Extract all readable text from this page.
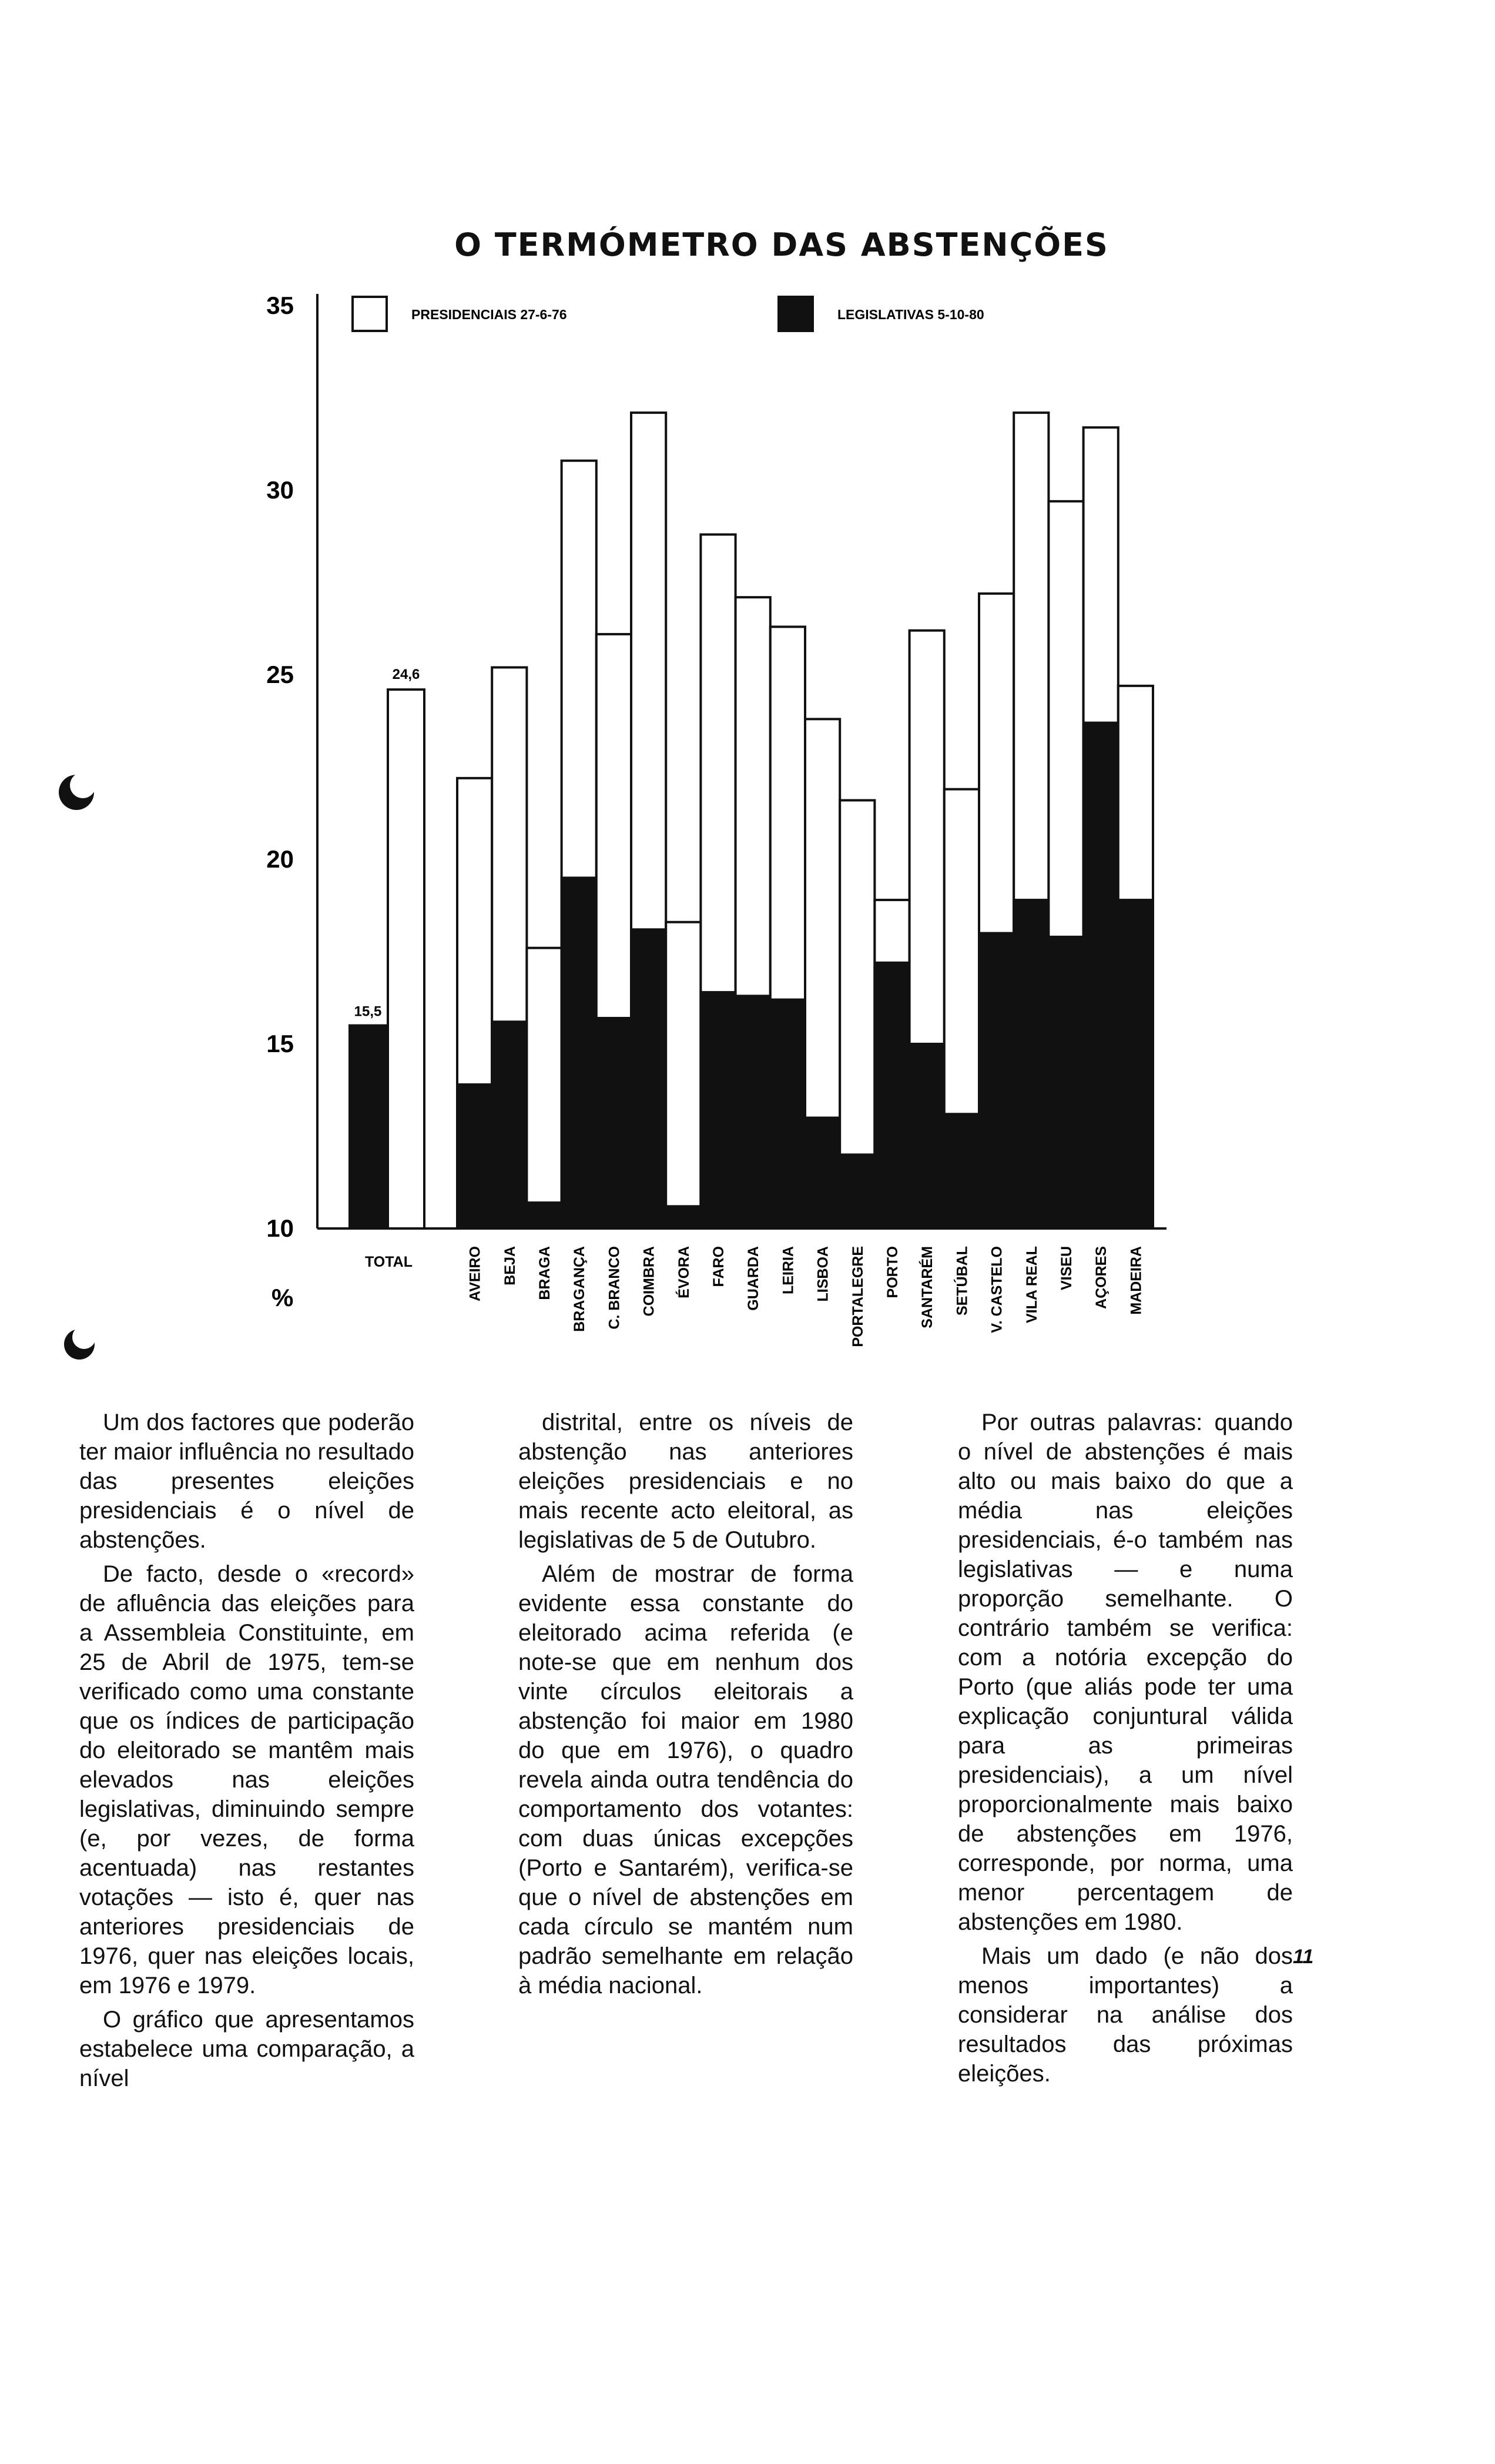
O TERMÓMETRO DAS ABSTENÇÕES
10
15
20
25
30
35
%
24,6
15,5
TOTAL	AVEIRO BEJA BRAGA BRAGANÇA C. BRANCO COIMBRA ÉVORA FARO GUARDA LEIRIA LISBOA PORTALEGRE PORTO SANTARÉM SETÚBAL V. CASTELO VILA REAL VISEU AÇORES MADEIRA
PRESIDENCIAIS 27-6-76	LEGISLATIVAS 5-10-80

Um dos factores que poderão ter maior influência no resultado das presentes eleições presidenciais é o nível de abstenções.

De facto, desde o «record» de afluência das eleições para a Assembleia Constituinte, em 25 de Abril de 1975, tem-se verificado como uma constante que os índices de participação do eleitorado se mantêm mais elevados nas eleições legislativas, diminuindo sempre (e, por vezes, de forma acentuada) nas restantes votações — isto é, quer nas anteriores presidenciais de 1976, quer nas eleições locais, em 1976 e 1979.

O gráfico que apresentamos estabelece uma comparação, a nível

distrital, entre os níveis de abstenção nas anteriores eleições presidenciais e no mais recente acto eleitoral, as legislativas de 5 de Outubro.

Além de mostrar de forma evidente essa constante do eleitorado acima referida (e note-se que em nenhum dos vinte círculos eleitorais a abstenção foi maior em 1980 do que em 1976), o quadro revela ainda outra tendência do comportamento dos votantes: com duas únicas excepções (Porto e Santarém), verifica-se que o nível de abstenções em cada círculo se mantém num padrão semelhante em relação à média nacional.

Por outras palavras: quando o nível de abstenções é mais alto ou mais baixo do que a média nas eleições presidenciais, é-o também nas legislativas — e numa proporção semelhante. O contrário também se verifica: com a notória excepção do Porto (que aliás pode ter uma explicação conjuntural válida para as primeiras presidenciais), a um nível proporcionalmente mais baixo de abstenções em 1976, corresponde, por norma, uma menor percentagem de abstenções em 1980.

Mais um dado (e não dos menos importantes) a considerar na análise dos resultados das próximas eleições.

11
